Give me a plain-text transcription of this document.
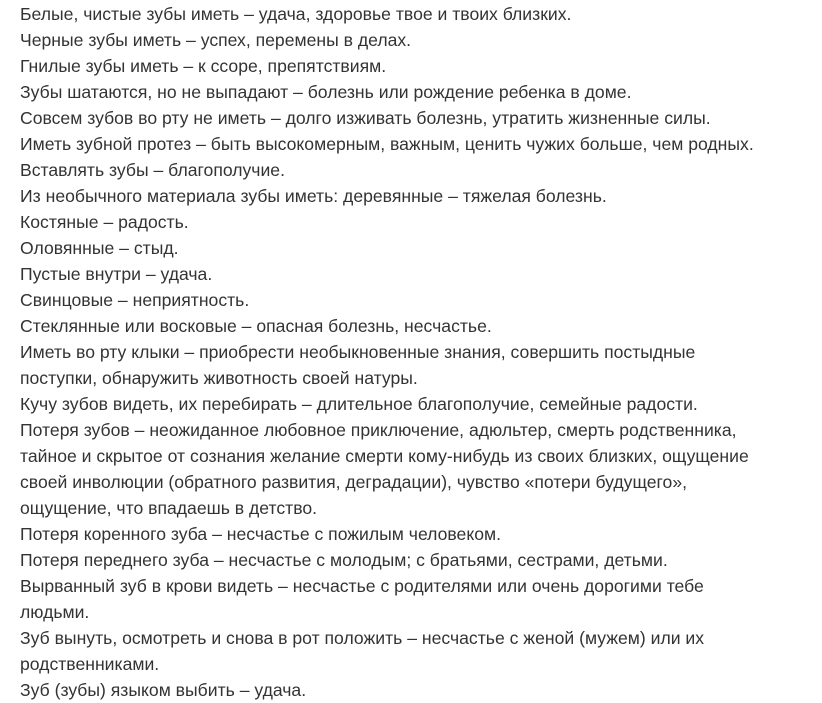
Белые, чистые зубы иметь – удача, здоровье твое и твоих близких.

Черные зубы иметь – успех, перемены в делах.

Гнилые зубы иметь – к ссоре, препятствиям.

Зубы шатаются, но не выпадают – болезнь или рождение ребенка в доме.

Совсем зубов во рту не иметь – долго изживать болезнь, утратить жизненные силы.

Иметь зубной протез – быть высокомерным, важным, ценить чужих больше, чем родных.

Вставлять зубы – благополучие.

Из необычного материала зубы иметь: деревянные – тяжелая болезнь.

Костяные – радость.

Оловянные – стыд.

Пустые внутри – удача.

Свинцовые – неприятность.

Стеклянные или восковые – опасная болезнь, несчастье.

Иметь во рту клыки – приобрести необыкновенные знания, совершить постыдные

поступки, обнаружить животность своей натуры.

Кучу зубов видеть, их перебирать – длительное благополучие, семейные радости.

Потеря зубов – неожиданное любовное приключение, адюльтер, смерть родственника,

тайное и скрытое от сознания желание смерти кому-нибудь из своих близких, ощущение

своей инволюции (обратного развития, деградации), чувство «потери будущего»,

ощущение, что впадаешь в детство.

Потеря коренного зуба – несчастье с пожилым человеком.

Потеря переднего зуба – несчастье с молодым; с братьями, сестрами, детьми.

Вырванный зуб в крови видеть – несчастье с родителями или очень дорогими тебе

людьми.

Зуб вынуть, осмотреть и снова в рот положить – несчастье с женой (мужем) или их

родственниками.

Зуб (зубы) языком выбить – удача.
